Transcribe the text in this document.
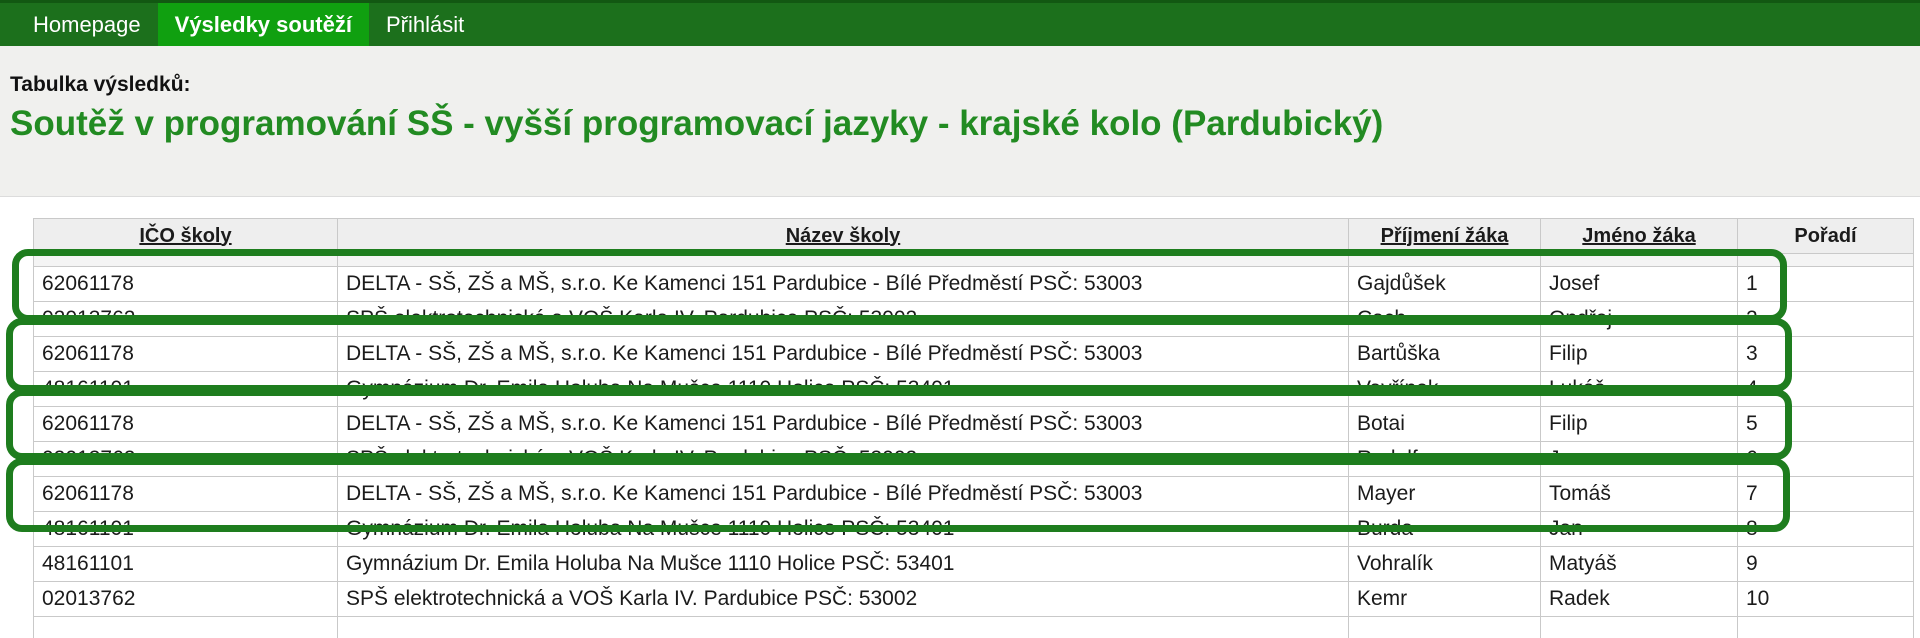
Homepage	Výsledky soutěží	Přihlásit
Tabulka výsledků:
Soutěž v programování SŠ - vyšší programovací jazyky - krajské kolo (Pardubický)
IČO školy	Název školy	Příjmení žáka	Jméno žáka	Pořadí

62061178	DELTA - SŠ, ZŠ a MŠ, s.r.o. Ke Kamenci 151 Pardubice - Bílé Předměstí PSČ: 53003	Gajdůšek	Josef	1
02013762	SPŠ elektrotechnická a VOŠ Karla IV. Pardubice PSČ: 53002	Cach	Ondřej	2
62061178	DELTA - SŠ, ZŠ a MŠ, s.r.o. Ke Kamenci 151 Pardubice - Bílé Předměstí PSČ: 53003	Bartůška	Filip	3
48161101	Gymnázium Dr. Emila Holuba Na Mušce 1110 Holice PSČ: 53401	Vavřínek	Lukáš	4
62061178	DELTA - SŠ, ZŠ a MŠ, s.r.o. Ke Kamenci 151 Pardubice - Bílé Předměstí PSČ: 53003	Botai	Filip	5
02013762	SPŠ elektrotechnická a VOŠ Karla IV. Pardubice PSČ: 53002	Rudolf	Jan	6
62061178	DELTA - SŠ, ZŠ a MŠ, s.r.o. Ke Kamenci 151 Pardubice - Bílé Předměstí PSČ: 53003	Mayer	Tomáš	7
48161101	Gymnázium Dr. Emila Holuba Na Mušce 1110 Holice PSČ: 53401	Burda	Jan	8
48161101	Gymnázium Dr. Emila Holuba Na Mušce 1110 Holice PSČ: 53401	Vohralík	Matyáš	9
02013762	SPŠ elektrotechnická a VOŠ Karla IV. Pardubice PSČ: 53002	Kemr	Radek	10
